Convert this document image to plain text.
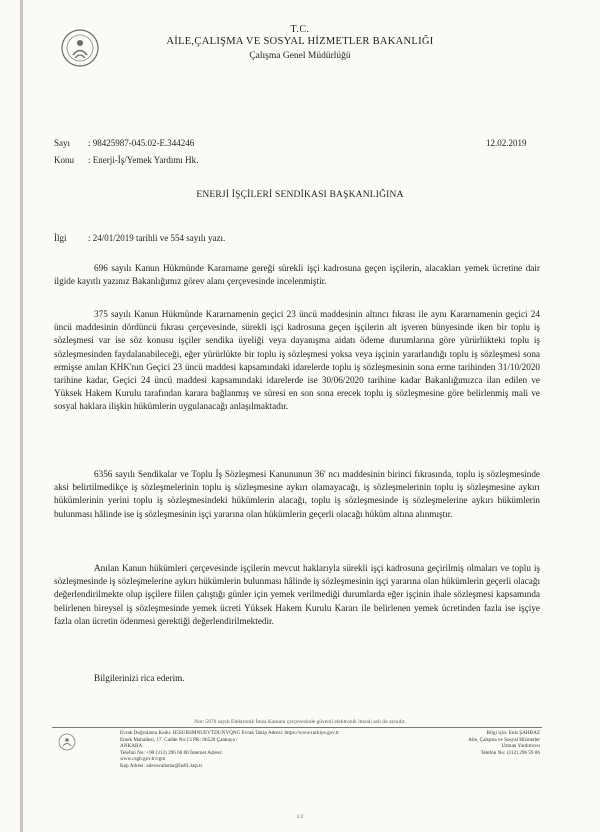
T.C.
AİLE,ÇALIŞMA VE SOSYAL HİZMETLER BAKANLIĞI
Çalışma Genel Müdürlüğü
Sayı : 98425987-045.02-E.344246	12.02.2019
Konu : Enerji-İş/Yemek Yardımı Hk.
ENERJİ İŞÇİLERİ SENDİKASI BAŞKANLIĞINA
İlgi : 24/01/2019 tarihli ve 554 sayılı yazı.

696 sayılı Kanun Hükmünde Kararname gereği sürekli işçi kadrosuna geçen işçilerin, alacakları yemek ücretine dair ilgide kayıtlı yazınız Bakanlığımız görev alanı çerçevesinde incelenmiştir.

375 sayılı Kanun Hükmünde Kararnamenin geçici 23 üncü maddesinin altıncı fıkrası ile aynı Kararnamenin geçici 24 üncü maddesinin dördüncü fıkrası çerçevesinde, sürekli işçi kadrosuna geçen işçilerin alt işveren bünyesinde iken bir toplu iş sözleşmesi var ise söz konusu işçiler sendika üyeliği veya dayanışma aidatı ödeme durumlarına göre yürürlükteki toplu iş sözleşmesinden faydalanabileceği, eğer yürürlükte bir toplu iş sözleşmesi yoksa veya işçinin yararlandığı toplu iş sözleşmesi sona ermişse anılan KHK'nın Geçici 23 üncü maddesi kapsamındaki idarelerde toplu iş sözleşmesinin sona erme tarihinden 31/10/2020 tarihine kadar, Geçici 24 üncü maddesi kapsamındaki idarelerde ise 30/06/2020 tarihine kadar Bakanlığımızca ilan edilen ve Yüksek Hakem Kurulu tarafından karara bağlanmış ve süresi en son sona erecek toplu iş sözleşmesine göre belirlenmiş mali ve sosyal haklara ilişkin hükümlerin uygulanacağı anlaşılmaktadır.

6356 sayılı Sendikalar ve Toplu İş Sözleşmesi Kanununun 36' ncı maddesinin birinci fıkrasında, toplu iş sözleşmesinde aksi belirtilmedikçe iş sözleşmelerinin toplu iş sözleşmesine aykırı olamayacağı, iş sözleşmelerinin toplu iş sözleşmesine aykırı hükümlerinin yerini toplu iş sözleşmesindeki hükümlerin alacağı, toplu iş sözleşmesinde iş sözleşmelerine aykırı hükümlerin bulunması hâlinde ise iş sözleşmesinin işçi yararına olan hükümlerin geçerli olacağı hüküm altına alınmıştır.

Anılan Kanun hükümleri çerçevesinde işçilerin mevcut haklarıyla sürekli işçi kadrosuna geçirilmiş olmaları ve toplu iş sözleşmesinde iş sözleşmelerine aykırı hükümlerin bulunması hâlinde iş sözleşmesinin işçi yararına olan hükümlerin geçerli olacağı değerlendirilmekte olup işçilere fiilen çalıştığı günler için yemek verilmediği durumlarda eğer işçinin ihale sözleşmesi kapsamında belirlenen bireysel iş sözleşmesinde yemek ücreti Yüksek Hakem Kurulu Kararı ile belirlenen yemek ücretinden fazla ise işçiye fazla olan ücretin ödenmesi gerektiği değerlendirilmektedir.

Bilgilerinizi rica ederim.

Not: 5070 sayılı Elektronik İmza Kanunu çerçevesinde güvenli elektronik imzalı aslı ile aynıdır.
Evrak Doğrulama Kodu: H5SUBSMNUEVTDUNYQNG Evrak Takip Adresi: https://www.turkiye.gov.tr
Emek Mahallesi, 17. Cadde No:13 PK: 06520 Çankaya /
ANKARA
Telefon No: +90 (312) 296 60 00 İnternet Adresi:
www.csgb.gov.tr/cgm
Kep Adresi: ailevecalisma@hs01.kep.tr
Bilgi için: Enis ŞAHBAZ
Aile, Çalışma ve Sosyal Hizmetler
Uzman Yardımcısı
Telefon No: (312) 296 59 06
1/2
